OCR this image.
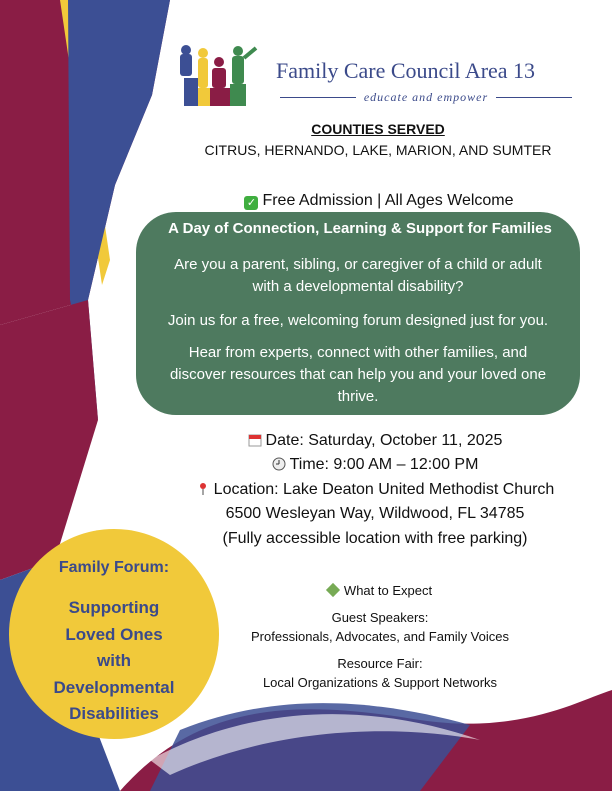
Family Care Council Area 13
educate and empower
COUNTIES SERVED
CITRUS, HERNANDO, LAKE, MARION, AND SUMTER
✓ Free Admission | All Ages Welcome
A Day of Connection, Learning & Support for Families
Are you a parent, sibling, or caregiver of a child or adult
with a developmental disability?
Join us for a free, welcoming forum designed just for you.
Hear from experts, connect with other families, and
discover resources that can help you and your loved one
thrive.
Date: Saturday, October 11, 2025
Time: 9:00 AM – 12:00 PM
Location: Lake Deaton United Methodist Church
6500 Wesleyan Way, Wildwood, FL 34785
(Fully accessible location with free parking)
What to Expect
Guest Speakers:
Professionals, Advocates, and Family Voices
Resource Fair:
Local Organizations & Support Networks
Family Forum:
Supporting
Loved Ones
with
Developmental
Disabilities
